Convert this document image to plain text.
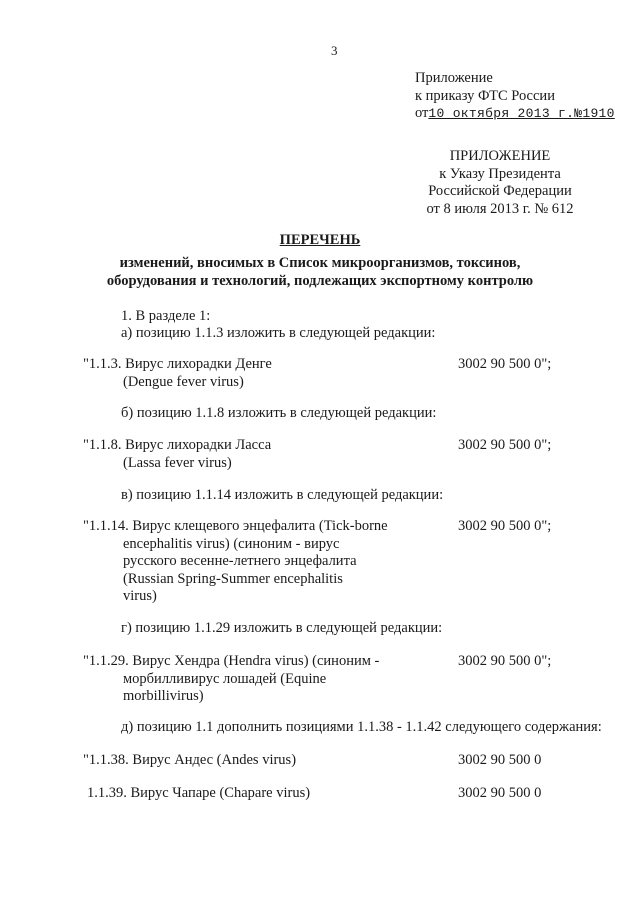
3
Приложение
к приказу ФТС России
от10 октября 2013 г.№1910
ПРИЛОЖЕНИЕ
к Указу Президента
Российской Федерации
от 8 июля 2013 г. № 612
ПЕРЕЧЕНЬ
изменений, вносимых в Список микроорганизмов, токсинов,
оборудования и технологий, подлежащих экспортному контролю
1. В разделе 1:
а) позицию 1.1.3 изложить в следующей редакции:
"1.1.3. Вирус лихорадки Денге
(Dengue fever virus)
3002 90 500 0";
б) позицию 1.1.8 изложить в следующей редакции:
"1.1.8. Вирус лихорадки Ласса
(Lassa fever virus)
3002 90 500 0";
в) позицию 1.1.14 изложить в следующей редакции:
"1.1.14. Вирус клещевого энцефалита (Tick-borne
encephalitis virus) (синоним - вирус
русского весенне-летнего энцефалита
(Russian Spring-Summer encephalitis
virus)
3002 90 500 0";
г) позицию 1.1.29 изложить в следующей редакции:
"1.1.29. Вирус Хендра (Hendra virus) (синоним -
морбилливирус лошадей (Equine
morbillivirus)
3002 90 500 0";
д) позицию 1.1 дополнить позициями 1.1.38 - 1.1.42 следующего содержания:
"1.1.38. Вирус Андес (Andes virus)	3002 90 500 0
1.1.39. Вирус Чапаре (Chapare virus)	3002 90 500 0
